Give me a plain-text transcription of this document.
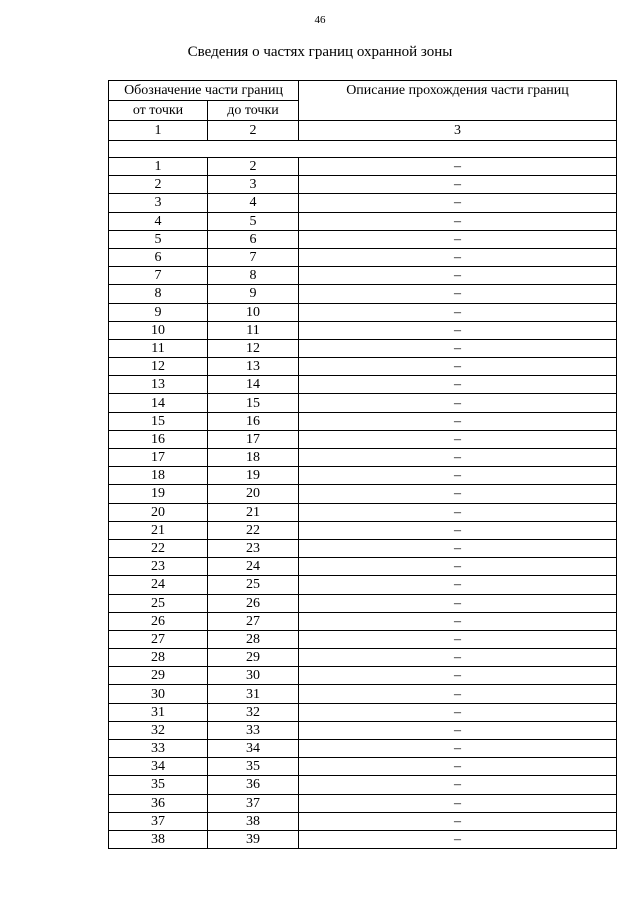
46
Сведения о частях границ охранной зоны
Обозначение части границ		Описание прохождения части границ
от точки	до точки	
1	2	3

1	2	–
2	3	–
3	4	–
4	5	–
5	6	–
6	7	–
7	8	–
8	9	–
9	10	–
10	11	–
11	12	–
12	13	–
13	14	–
14	15	–
15	16	–
16	17	–
17	18	–
18	19	–
19	20	–
20	21	–
21	22	–
22	23	–
23	24	–
24	25	–
25	26	–
26	27	–
27	28	–
28	29	–
29	30	–
30	31	–
31	32	–
32	33	–
33	34	–
34	35	–
35	36	–
36	37	–
37	38	–
38	39	–
